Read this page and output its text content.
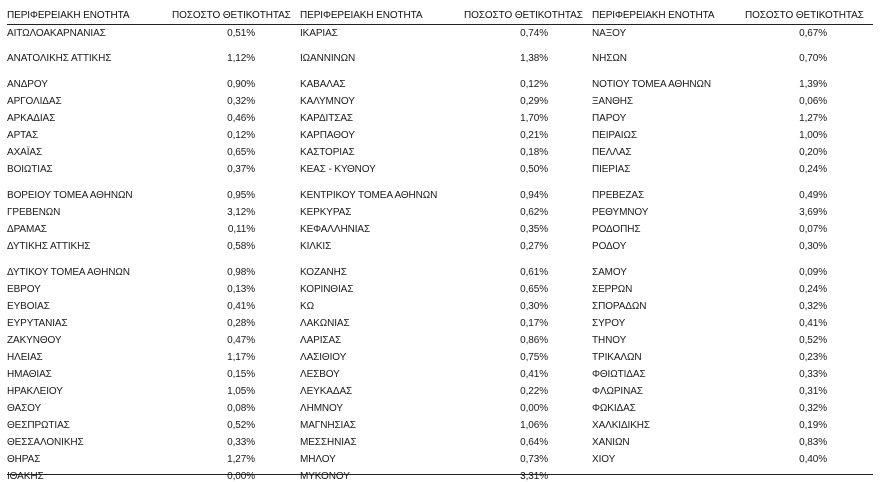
ΠΕΡΙΦΕΡΕΙΑΚΗ ΕΝΟΤΗΤΑ	ΠΟΣΟΣΤΟ ΘΕΤΙΚΟΤΗΤΑΣ ΠΕΡΙΦΕΡΕΙΑΚΗ ΕΝΟΤΗΤΑ	ΠΟΣΟΣΤΟ ΘΕΤΙΚΟΤΗΤΑΣ ΠΕΡΙΦΕΡΕΙΑΚΗ ΕΝΟΤΗΤΑ	ΠΟΣΟΣΤΟ ΘΕΤΙΚΟΤΗΤΑΣ
ΑΙΤΩΛΟΑΚΑΡΝΑΝΙΑΣ	0,51%
ΑΝΑΤΟΛΙΚΗΣ ΑΤΤΙΚΗΣ	1,12%
ΑΝΔΡΟΥ	0,90%
ΑΡΓΟΛΙΔΑΣ	0,32%
ΑΡΚΑΔΙΑΣ	0,46%
ΑΡΤΑΣ	0,12%
ΑΧΑΪΑΣ	0,65%
ΒΟΙΩΤΙΑΣ	0,37%
ΒΟΡΕΙΟΥ ΤΟΜΕΑ ΑΘΗΝΩΝ	0,95%
ΓΡΕΒΕΝΩΝ	3,12%
ΔΡΑΜΑΣ	0,11%
ΔΥΤΙΚΗΣ ΑΤΤΙΚΗΣ	0,58%
ΔΥΤΙΚΟΥ ΤΟΜΕΑ ΑΘΗΝΩΝ	0,98%
ΕΒΡΟΥ	0,13%
ΕΥΒΟΙΑΣ	0,41%
ΕΥΡΥΤΑΝΙΑΣ	0,28%
ΖΑΚΥΝΘΟΥ	0,47%
ΗΛΕΙΑΣ	1,17%
ΗΜΑΘΙΑΣ	0,15%
ΗΡΑΚΛΕΙΟΥ	1,05%
ΘΑΣΟΥ	0,08%
ΘΕΣΠΡΩΤΙΑΣ	0,52%
ΘΕΣΣΑΛΟΝΙΚΗΣ	0,33%
ΘΗΡΑΣ	1,27%
ΙΘΑΚΗΣ	0,00%
ΙΚΑΡΙΑΣ	0,74%
ΙΩΑΝΝΙΝΩΝ	1,38%
ΚΑΒΑΛΑΣ	0,12%
ΚΑΛΥΜΝΟΥ	0,29%
ΚΑΡΔΙΤΣΑΣ	1,70%
ΚΑΡΠΑΘΟΥ	0,21%
ΚΑΣΤΟΡΙΑΣ	0,18%
ΚΕΑΣ - ΚΥΘΝΟΥ	0,50%
ΚΕΝΤΡΙΚΟΥ ΤΟΜΕΑ ΑΘΗΝΩΝ	0,94%
ΚΕΡΚΥΡΑΣ	0,62%
ΚΕΦΑΛΛΗΝΙΑΣ	0,35%
ΚΙΛΚΙΣ	0,27%
ΚΟΖΑΝΗΣ	0,61%
ΚΟΡΙΝΘΙΑΣ	0,65%
ΚΩ	0,30%
ΛΑΚΩΝΙΑΣ	0,17%
ΛΑΡΙΣΑΣ	0,86%
ΛΑΣΙΘΙΟΥ	0,75%
ΛΕΣΒΟΥ	0,41%
ΛΕΥΚΑΔΑΣ	0,22%
ΛΗΜΝΟΥ	0,00%
ΜΑΓΝΗΣΙΑΣ	1,06%
ΜΕΣΣΗΝΙΑΣ	0,64%
ΜΗΛΟΥ	0,73%
ΜΥΚΟΝΟΥ	3,31%
ΝΑΞΟΥ	0,67%
ΝΗΣΩΝ	0,70%
ΝΟΤΙΟΥ ΤΟΜΕΑ ΑΘΗΝΩΝ	1,39%
ΞΑΝΘΗΣ	0,06%
ΠΑΡΟΥ	1,27%
ΠΕΙΡΑΙΩΣ	1,00%
ΠΕΛΛΑΣ	0,20%
ΠΙΕΡΙΑΣ	0,24%
ΠΡΕΒΕΖΑΣ	0,49%
ΡΕΘΥΜΝΟΥ	3,69%
ΡΟΔΟΠΗΣ	0,07%
ΡΟΔΟΥ	0,30%
ΣΑΜΟΥ	0,09%
ΣΕΡΡΩΝ	0,24%
ΣΠΟΡΑΔΩΝ	0,32%
ΣΥΡΟΥ	0,41%
ΤΗΝΟΥ	0,52%
ΤΡΙΚΑΛΩΝ	0,23%
ΦΘΙΩΤΙΔΑΣ	0,33%
ΦΛΩΡΙΝΑΣ	0,31%
ΦΩΚΙΔΑΣ	0,32%
ΧΑΛΚΙΔΙΚΗΣ	0,19%
ΧΑΝΙΩΝ	0,83%
ΧΙΟΥ	0,40%
